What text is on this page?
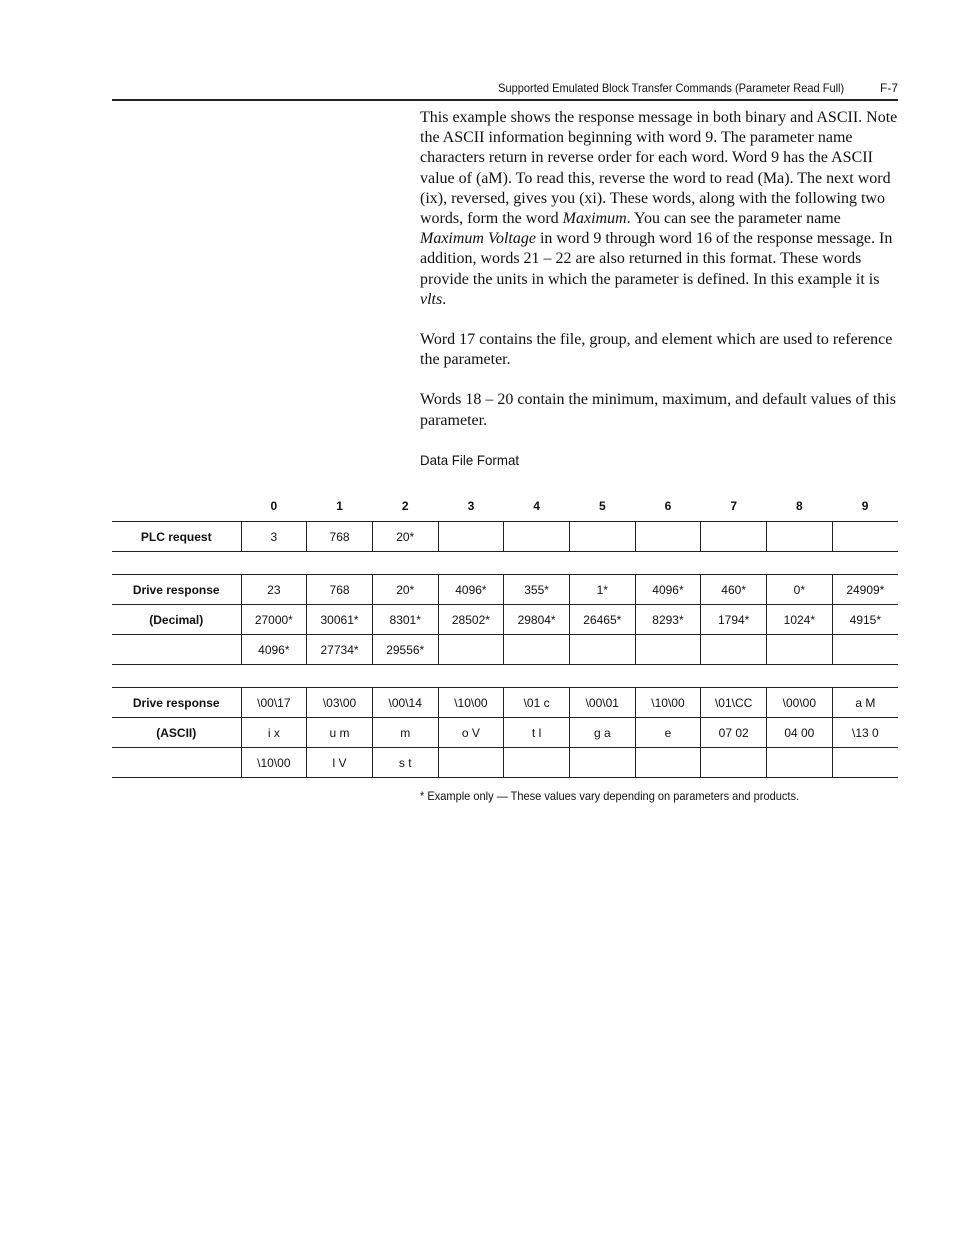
Supported Emulated Block Transfer Commands (Parameter Read Full)	F-7

This example shows the response message in both binary and ASCII. Note the ASCII information beginning with word 9. The parameter name characters return in reverse order for each word. Word 9 has the ASCII value of (aM). To read this, reverse the word to read (Ma). The next word (ix), reversed, gives you (xi). These words, along with the following two words, form the word Maximum. You can see the parameter name Maximum Voltage in word 9 through word 16 of the response message. In addition, words 21 – 22 are also returned in this format. These words provide the units in which the parameter is defined. In this example it is vlts.

Word 17 contains the file, group, and element which are used to reference the parameter.

Words 18 – 20 contain the minimum, maximum, and default values of this parameter.

Data File Format
	0	1	2	3	4	5	6	7	8	9
PLC request	3	768	20*							

Drive response	23	768	20*	4096*	355*	1*	4096*	460*	0*	24909*
(Decimal)	27000*	30061*	8301*	28502*	29804*	26465*	8293*	1794*	1024*	4915*
	4096*	27734*	29556*							

Drive response	\00\17	\03\00	\00\14	\10\00	\01 c	\00\01	\10\00	\01\CC	\00\00	a M
(ASCII)	i x	u m	m	o V	t l	g a	e	07 02	04 00	\13 0
	\10\00	l V	s t							
* Example only — These values vary depending on parameters and products.
